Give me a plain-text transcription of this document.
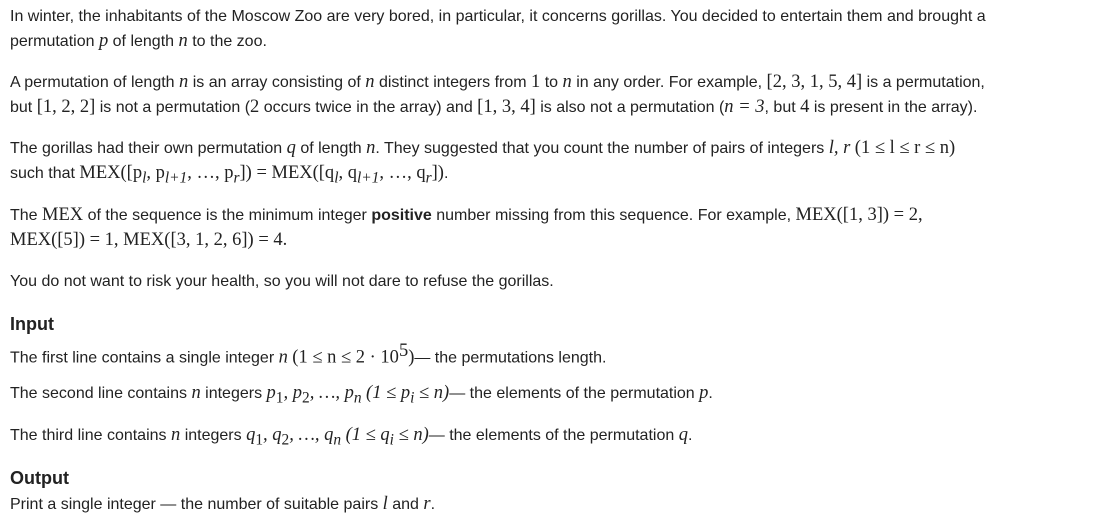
In winter, the inhabitants of the Moscow Zoo are very bored, in particular, it concerns gorillas. You decided to entertain them and brought a
permutation p of length n to the zoo.
A permutation of length n is an array consisting of n distinct integers from 1 to n in any order. For example, [2, 3, 1, 5, 4] is a permutation,
but [1, 2, 2] is not a permutation (2 occurs twice in the array) and [1, 3, 4] is also not a permutation (n = 3, but 4 is present in the array).
The gorillas had their own permutation q of length n. They suggested that you count the number of pairs of integers l, r (1 ≤ l ≤ r ≤ n)
such that $MEX([p_l$, $p_{l+1}$, …, $p_r]) = MEX([q_l$, $q_{l+1}$, …, $q_r$]).
The MEX of the sequence is the minimum integer positive number missing from this sequence. For example, MEX([1, 3]) = 2,
MEX([5]) = 1, MEX([3, 1, 2, 6]) = 4.
You do not want to risk your health, so you will not dare to refuse the gorillas.
Input
The first line contains a single integer n $(1 \le n \le 2 \cdot 10^5)—$ the permutations length.
The second line contains n integers $p_1$, $p_2$, …, $p_n$ ($1 \le p_i$ ≤ n)— the elements of the permutation p.
The third line contains n integers $q_1$, $q_2$, …, $q_n$ ($1 \le q_i$ ≤ n)— the elements of the permutation q.
Output
Print a single integer — the number of suitable pairs l and r.
